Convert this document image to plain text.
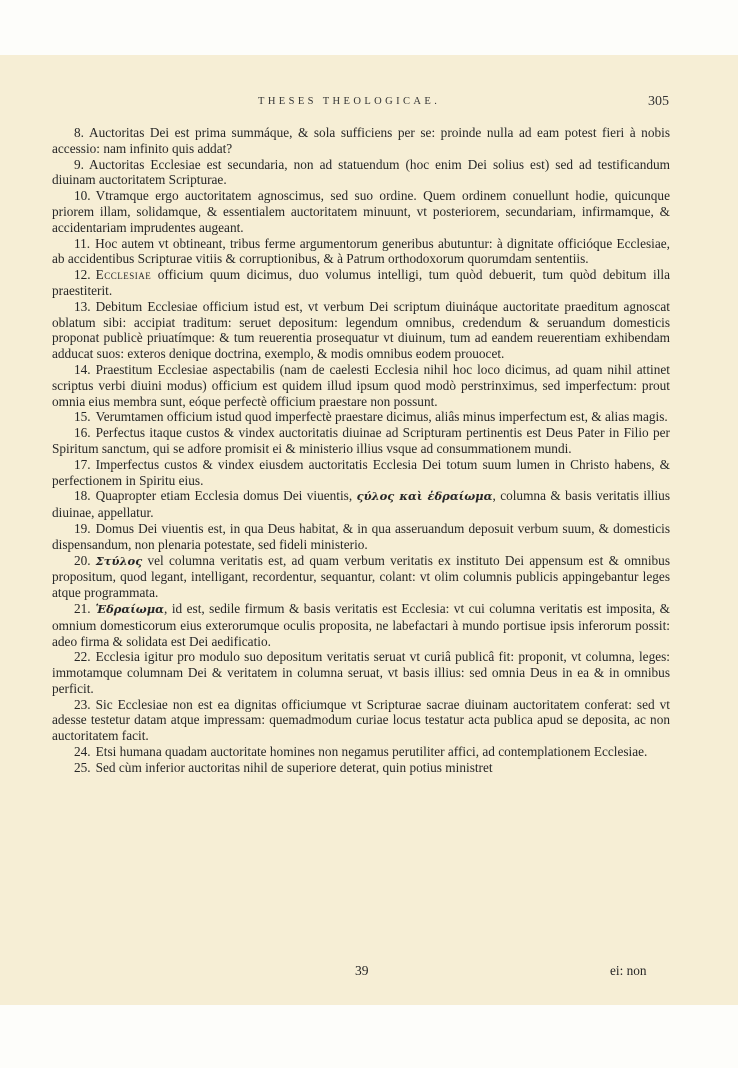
THESES THEOLOGICAE.	305

8. Auctoritas Dei est prima summáque, & sola sufficiens per se: proinde nulla ad eam potest fieri à nobis accessio: nam infinito quis addat?

9. Auctoritas Ecclesiae est secundaria, non ad statuendum (hoc enim Dei solius est) sed ad testificandum diuinam auctoritatem Scripturae.

10. Vtramque ergo auctoritatem agnoscimus, sed suo ordine. Quem ordinem conuellunt hodie, quicunque priorem illam, solidamque, & essentialem auctoritatem minuunt, vt posteriorem, secundariam, infirmamque, & accidentariam imprudentes augeant.

11. Hoc autem vt obtineant, tribus ferme argumentorum generibus abutuntur: à dignitate officióque Ecclesiae, ab accidentibus Scripturae vitiis & corruptionibus, & à Patrum orthodoxorum quorumdam sententiis.

12. Ecclesiae officium quum dicimus, duo volumus intelligi, tum quòd debuerit, tum quòd debitum illa praestiterit.

13. Debitum Ecclesiae officium istud est, vt verbum Dei scriptum diuináque auctoritate praeditum agnoscat oblatum sibi: accipiat traditum: seruet depositum: legendum omnibus, credendum & seruandum domesticis proponat publicè priuatímque: & tum reuerentia prosequatur vt diuinum, tum ad eandem reuerentiam exhibendam adducat suos: exteros denique doctrina, exemplo, & modis omnibus eodem prouocet.

14. Praestitum Ecclesiae aspectabilis (nam de caelesti Ecclesia nihil hoc loco dicimus, ad quam nihil attinet scriptus verbi diuini modus) officium est quidem illud ipsum quod modò perstrinximus, sed imperfectum: prout omnia eius membra sunt, eóque perfectè officium praestare non possunt.

15. Verumtamen officium istud quod imperfectè praestare dicimus, aliâs minus imperfectum est, & alias magis.

16. Perfectus itaque custos & vindex auctoritatis diuinae ad Scripturam pertinentis est Deus Pater in Filio per Spiritum sanctum, qui se adfore promisit ei & ministerio illius vsque ad consummationem mundi.

17. Imperfectus custos & vindex eiusdem auctoritatis Ecclesia Dei totum suum lumen in Christo habens, & perfectionem in Spiritu eius.

18. Quapropter etiam Ecclesia domus Dei viuentis, ςύλος καὶ ἑδραίωμα, columna & basis veritatis illius diuinae, appellatur.

19. Domus Dei viuentis est, in qua Deus habitat, & in qua asseruandum deposuit verbum suum, & domesticis dispensandum, non plenaria potestate, sed fideli ministerio.

20. Στύλος vel columna veritatis est, ad quam verbum veritatis ex instituto Dei appensum est & omnibus propositum, quod legant, intelligant, recordentur, sequantur, colant: vt olim columnis publicis appingebantur leges atque programmata.

21. Ἑδραίωμα, id est, sedile firmum & basis veritatis est Ecclesia: vt cui columna veritatis est imposita, & omnium domesticorum eius exterorumque oculis proposita, ne labefactari à mundo portisue ipsis inferorum possit: adeo firma & solidata est Dei aedificatio.

22. Ecclesia igitur pro modulo suo depositum veritatis seruat vt curiâ publicâ fit: proponit, vt columna, leges: immotamque columnam Dei & veritatem in columna seruat, vt basis illius: sed omnia Deus in ea & in omnibus perficit.

23. Sic Ecclesiae non est ea dignitas officiumque vt Scripturae sacrae diuinam auctoritatem conferat: sed vt adesse testetur datam atque impressam: quemadmodum curiae locus testatur acta publica apud se deposita, ac non auctoritatem facit.

24. Etsi humana quadam auctoritate homines non negamus perutiliter affici, ad contemplationem Ecclesiae.

25. Sed cùm inferior auctoritas nihil de superiore deterat, quin potius ministret

39	ei: non
